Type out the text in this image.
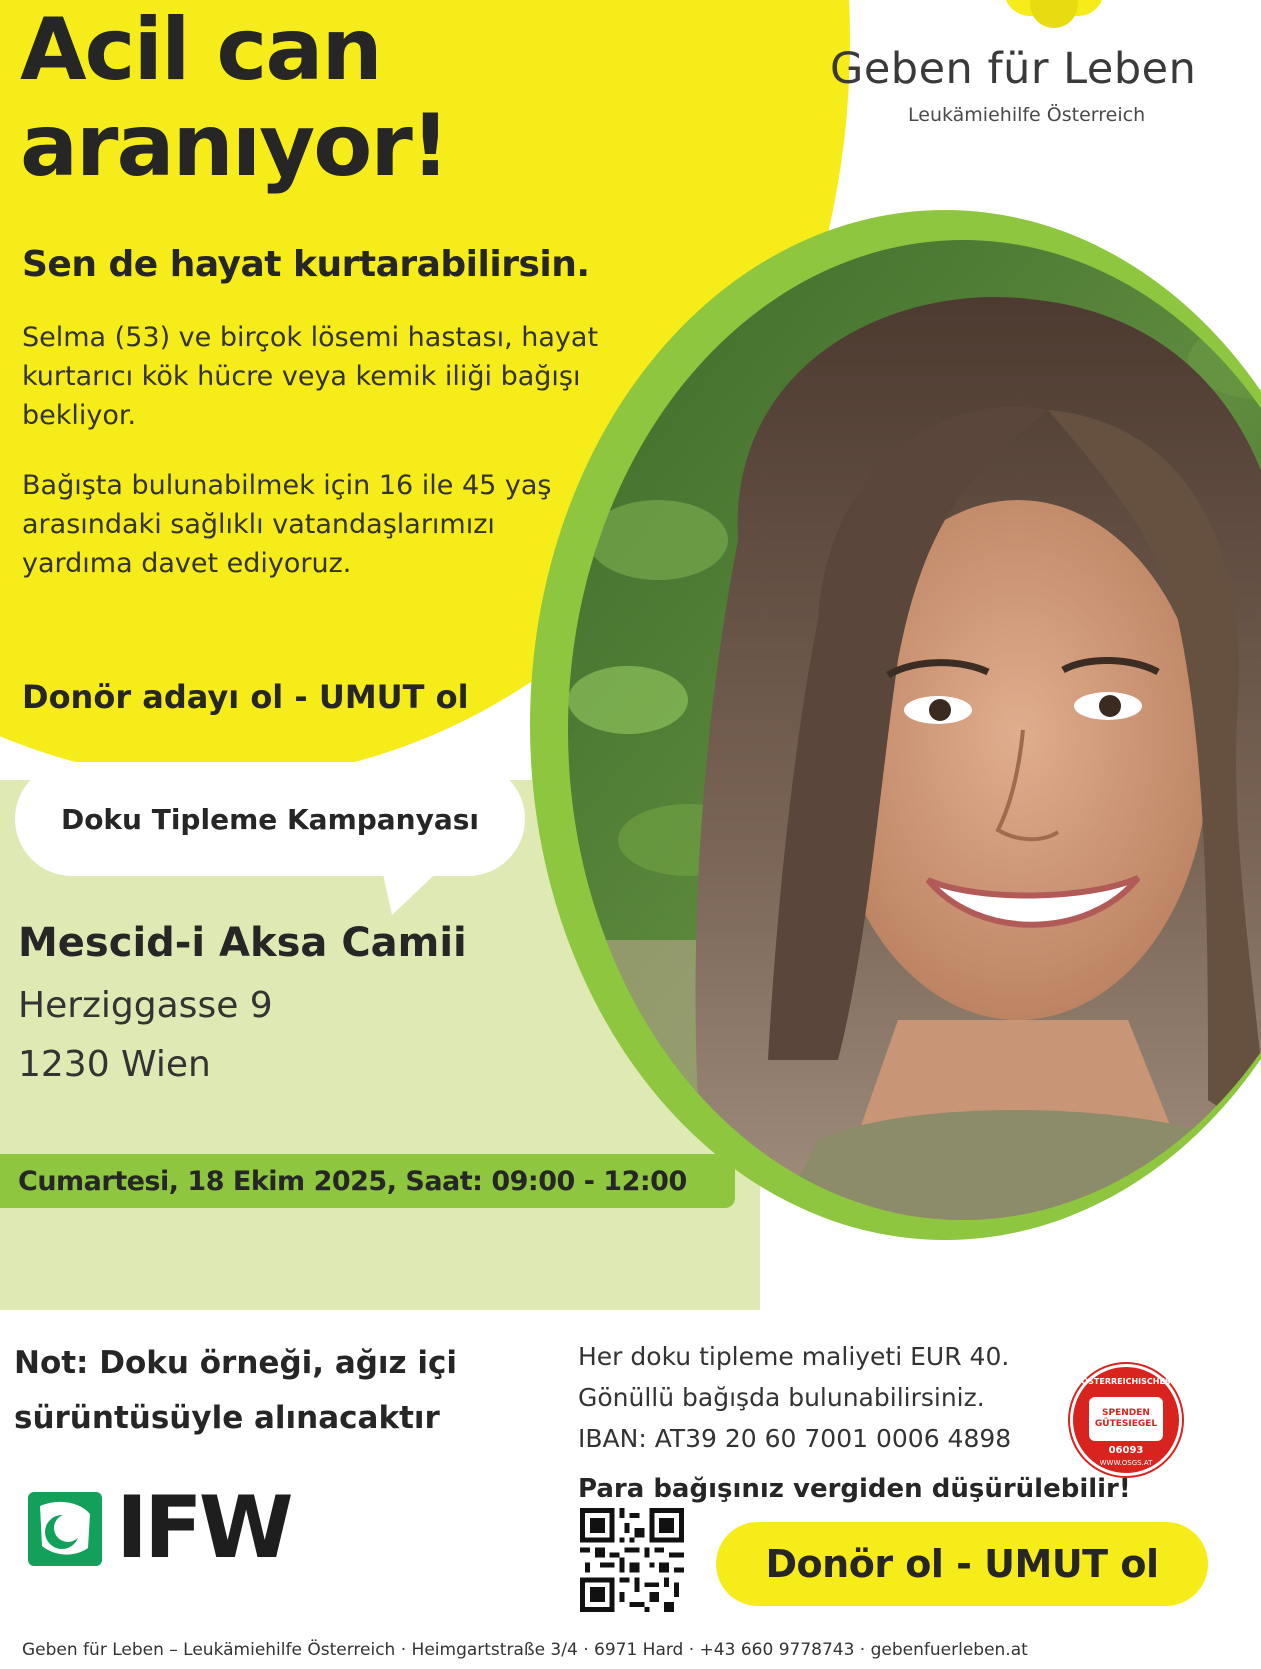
Geben für Leben
Leukämiehilfe Österreich
Acil can
aranıyor!
Sen de hayat kurtarabilirsin.
Selma (53) ve birçok lösemi hastası, hayat kurtarıcı kök hücre veya kemik iliği bağışı bekliyor.
Bağışta bulunabilmek için 16 ile 45 yaş arasındaki sağlıklı vatandaşlarımızı yardıma davet ediyoruz.
Donör adayı ol - UMUT ol
Doku Tipleme Kampanyası
Mescid-i Aksa Camii
Herziggasse 9
1230 Wien
Cumartesi, 18 Ekim 2025, Saat: 09:00 - 12:00
Not: Doku örneği, ağız içi sürüntüsüyle alınacaktır
Her doku tipleme maliyeti EUR 40.
Gönüllü bağışda bulunabilirsiniz.
IBAN: AT39 20 60 7001 0006 4898
Para bağışınız vergiden düşürülebilir!
ÖSTERREICHISCHES
SPENDEN
GÜTESIEGEL
06093
WWW.OSGS.AT
IFW	Donör ol - UMUT ol
Geben für Leben – Leukämiehilfe Österreich · Heimgartstraße 3/4 · 6971 Hard · +43 660 9778743 · gebenfuerleben.at
